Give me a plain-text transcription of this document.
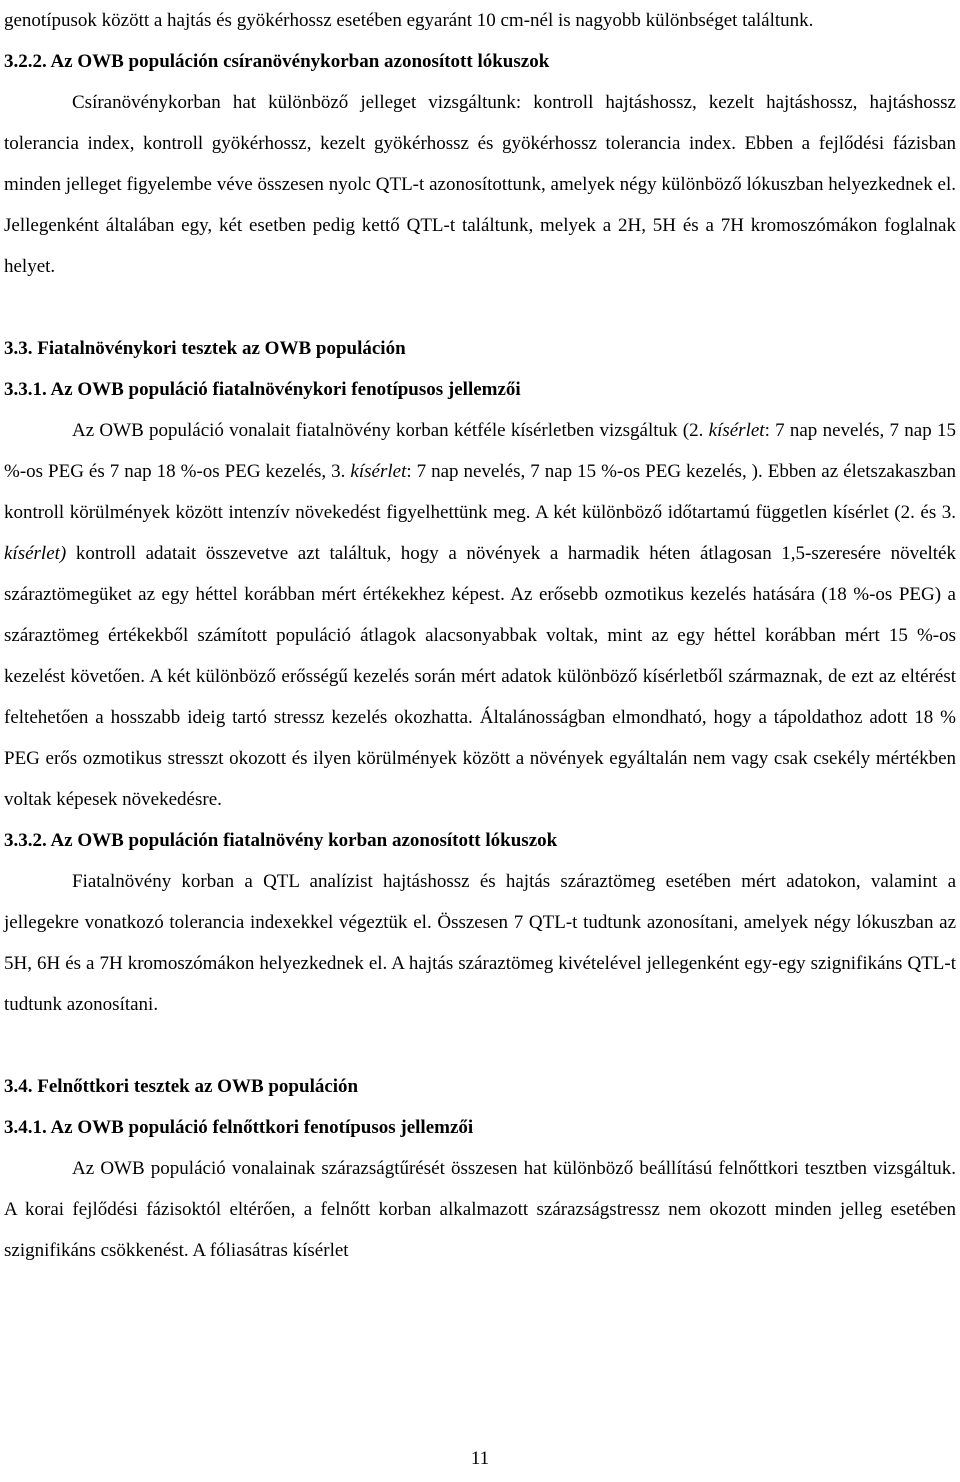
genotípusok között a hajtás és gyökérhossz esetében egyaránt 10 cm-nél is nagyobb különbséget találtunk.

3.2.2. Az OWB populáción csíranövénykorban azonosított lókuszok

Csíranövénykorban hat különböző jelleget vizsgáltunk: kontroll hajtáshossz, kezelt hajtáshossz, hajtáshossz tolerancia index, kontroll gyökérhossz, kezelt gyökérhossz és gyökérhossz tolerancia index. Ebben a fejlődési fázisban minden jelleget figyelembe véve összesen nyolc QTL-t azonosítottunk, amelyek négy különböző lókuszban helyezkednek el. Jellegenként általában egy, két esetben pedig kettő QTL-t találtunk, melyek a 2H, 5H és a 7H kromoszómákon foglalnak helyet.

3.3. Fiatalnövénykori tesztek az OWB populáción
3.3.1. Az OWB populáció fiatalnövénykori fenotípusos jellemzői

Az OWB populáció vonalait fiatalnövény korban kétféle kísérletben vizsgáltuk (2. kísérlet: 7 nap nevelés, 7 nap 15 %-os PEG és 7 nap 18 %-os PEG kezelés, 3. kísérlet: 7 nap nevelés, 7 nap 15 %-os PEG kezelés, ). Ebben az életszakaszban kontroll körülmények között intenzív növekedést figyelhettünk meg. A két különböző időtartamú független kísérlet (2. és 3. kísérlet) kontroll adatait összevetve azt találtuk, hogy a növények a harmadik héten átlagosan 1,5-szeresére növelték száraztömegüket az egy héttel korábban mért értékekhez képest. Az erősebb ozmotikus kezelés hatására (18 %-os PEG) a száraztömeg értékekből számított populáció átlagok alacsonyabbak voltak, mint az egy héttel korábban mért 15 %-os kezelést követően. A két különböző erősségű kezelés során mért adatok különböző kísérletből származnak, de ezt az eltérést feltehetően a hosszabb ideig tartó stressz kezelés okozhatta. Általánosságban elmondható, hogy a tápoldathoz adott 18 % PEG erős ozmotikus stresszt okozott és ilyen körülmények között a növények egyáltalán nem vagy csak csekély mértékben voltak képesek növekedésre.

3.3.2. Az OWB populáción fiatalnövény korban azonosított lókuszok

Fiatalnövény korban a QTL analízist hajtáshossz és hajtás száraztömeg esetében mért adatokon, valamint a jellegekre vonatkozó tolerancia indexekkel végeztük el. Összesen 7 QTL-t tudtunk azonosítani, amelyek négy lókuszban az 5H, 6H és a 7H kromoszómákon helyezkednek el. A hajtás száraztömeg kivételével jellegenként egy-egy szignifikáns QTL-t tudtunk azonosítani.

3.4. Felnőttkori tesztek az OWB populáción
3.4.1. Az OWB populáció felnőttkori fenotípusos jellemzői

Az OWB populáció vonalainak szárazságtűrését összesen hat különböző beállítású felnőttkori tesztben vizsgáltuk. A korai fejlődési fázisoktól eltérően, a felnőtt korban alkalmazott szárazságstressz nem okozott minden jelleg esetében szignifikáns csökkenést. A fóliasátras kísérlet

11
